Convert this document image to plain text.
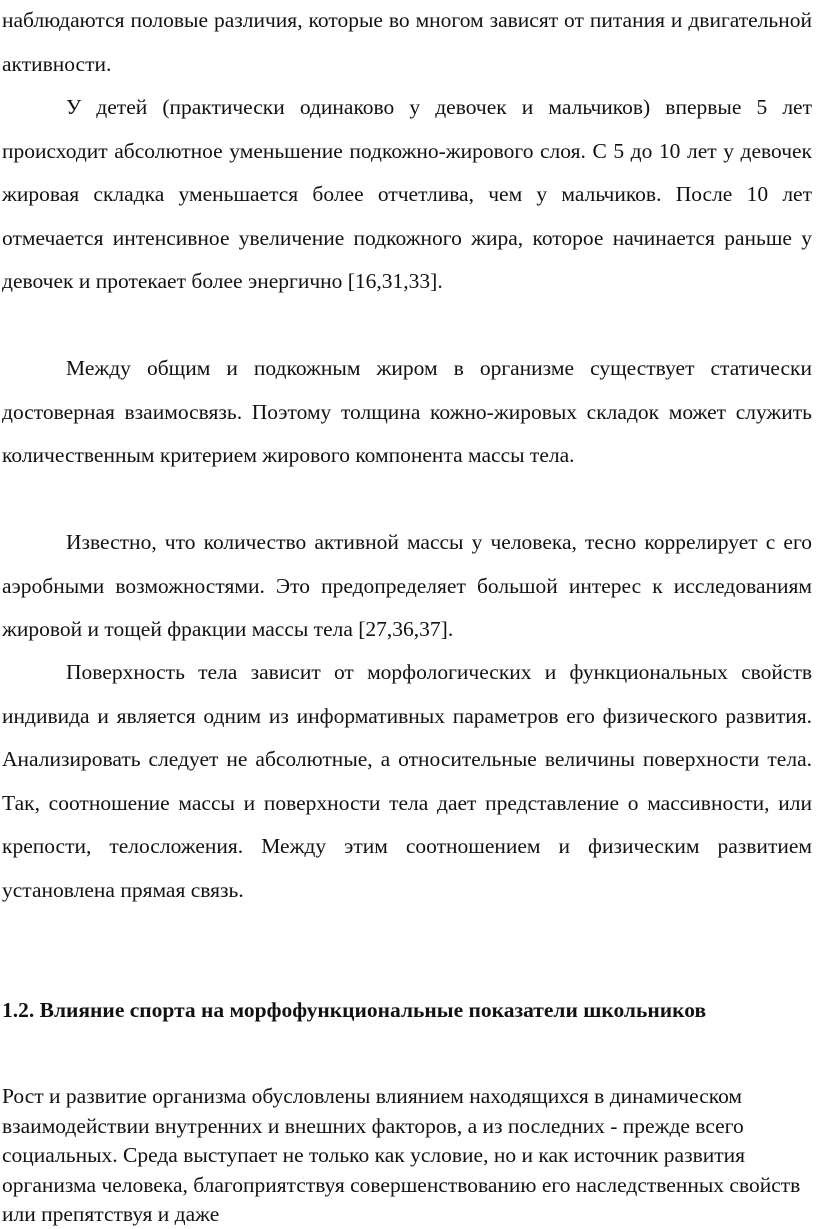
наблюдаются половые различия, которые во многом зависят от питания и двигательной активности.

У детей (практически одинаково у девочек и мальчиков) впервые 5 лет происходит абсолютное уменьшение подкожно-жирового слоя. С 5 до 10 лет у девочек жировая складка уменьшается более отчетлива, чем у мальчиков. После 10 лет отмечается интенсивное увеличение подкожного жира, которое начинается раньше у девочек и протекает более энергично [16,31,33].

Между общим и подкожным жиром в организме существует статически достоверная взаимосвязь. Поэтому толщина кожно-жировых складок может служить количественным критерием жирового компонента массы тела.

Известно, что количество активной массы у человека, тесно коррелирует с его аэробными возможностями. Это предопределяет большой интерес к исследованиям жировой и тощей фракции массы тела [27,36,37].

Поверхность тела зависит от морфологических и функциональных свойств индивида и является одним из информативных параметров его физического развития. Анализировать следует не абсолютные, а относительные величины поверхности тела. Так, соотношение массы и поверхности тела дает представление о массивности, или крепости, телосложения. Между этим соотношением и физическим развитием установлена прямая связь.

1.2. Влияние спорта на морфофункциональные показатели школьников

Рост и развитие организма обусловлены влиянием находящихся в динамическом взаимодействии внутренних и внешних факторов, а из последних - прежде всего социальных. Среда выступает не только как условие, но и как источник развития организма человека, благоприятствуя совершенствованию его наследственных свойств или препятствуя и даже
